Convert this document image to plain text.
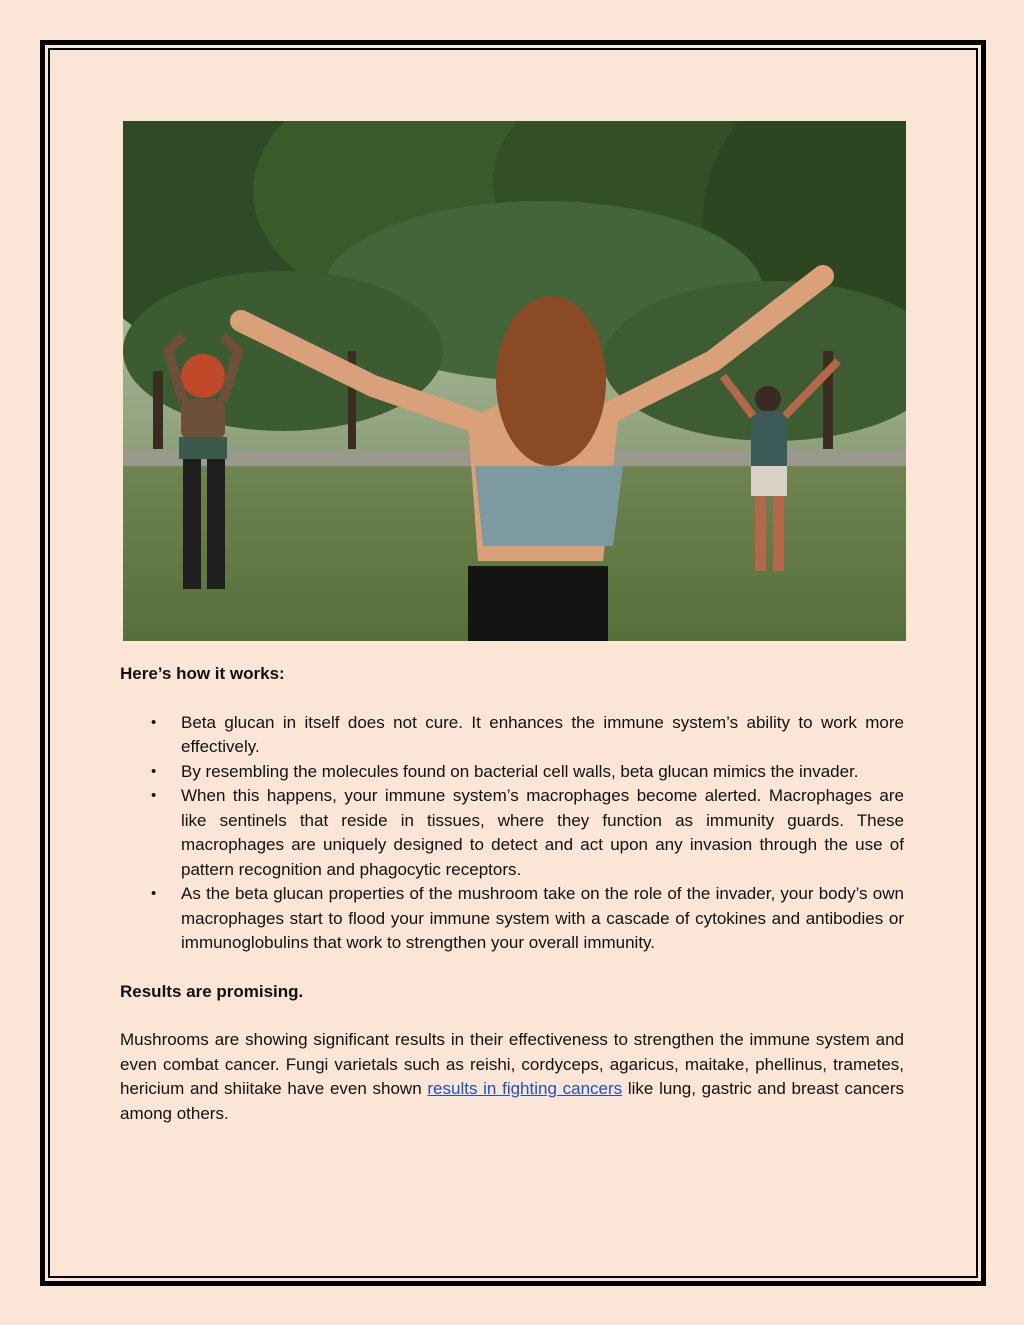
Here’s how it works:

• Beta glucan in itself does not cure. It enhances the immune system’s ability to work more effectively.
• By resembling the molecules found on bacterial cell walls, beta glucan mimics the invader.
• When this happens, your immune system’s macrophages become alerted. Macrophages are like sentinels that reside in tissues, where they function as immunity guards. These macrophages are uniquely designed to detect and act upon any invasion through the use of pattern recognition and phagocytic receptors.
• As the beta glucan properties of the mushroom take on the role of the invader, your body’s own macrophages start to flood your immune system with a cascade of cytokines and antibodies or immunoglobulins that work to strengthen your overall immunity.

Results are promising.

Mushrooms are showing significant results in their effectiveness to strengthen the immune system and even combat cancer. Fungi varietals such as reishi, cordyceps, agaricus, maitake, phellinus, trametes, hericium and shiitake have even shown results in fighting cancers like lung, gastric and breast cancers among others.
